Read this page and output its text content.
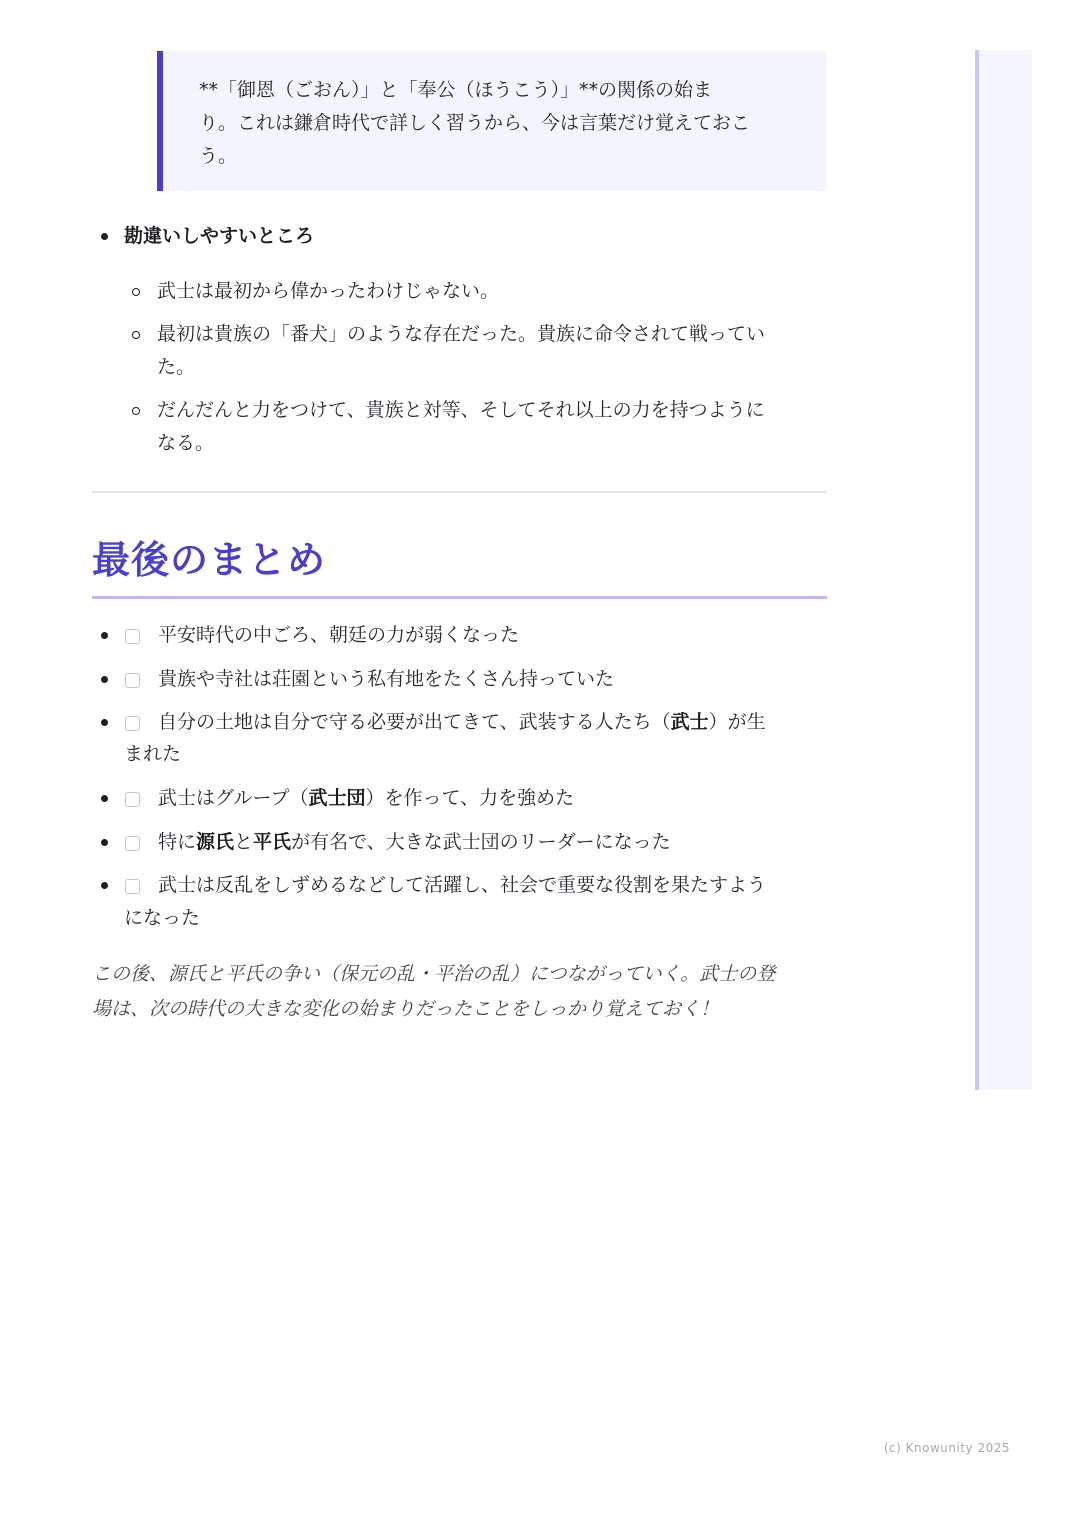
**「御恩（ごおん）」と「奉公（ほうこう）」**の関係の始ま
り。これは鎌倉時代で詳しく習うから、今は言葉だけ覚えておこ
う。
勘違いしやすいところ
武士は最初から偉かったわけじゃない。
最初は貴族の「番犬」のような存在だった。貴族に命令されて戦ってい
た。
だんだんと力をつけて、貴族と対等、そしてそれ以上の力を持つように
なる。
最後のまとめ
平安時代の中ごろ、朝廷の力が弱くなった
貴族や寺社は荘園という私有地をたくさん持っていた
自分の土地は自分で守る必要が出てきて、武装する人たち（武士）が生
まれた
武士はグループ（武士団）を作って、力を強めた
特に源氏と平氏が有名で、大きな武士団のリーダーになった
武士は反乱をしずめるなどして活躍し、社会で重要な役割を果たすよう
になった
この後、源氏と平氏の争い（保元の乱・平治の乱）につながっていく。武士の登
場は、次の時代の大きな変化の始まりだったことをしっかり覚えておく！
(c) Knowunity 2025
